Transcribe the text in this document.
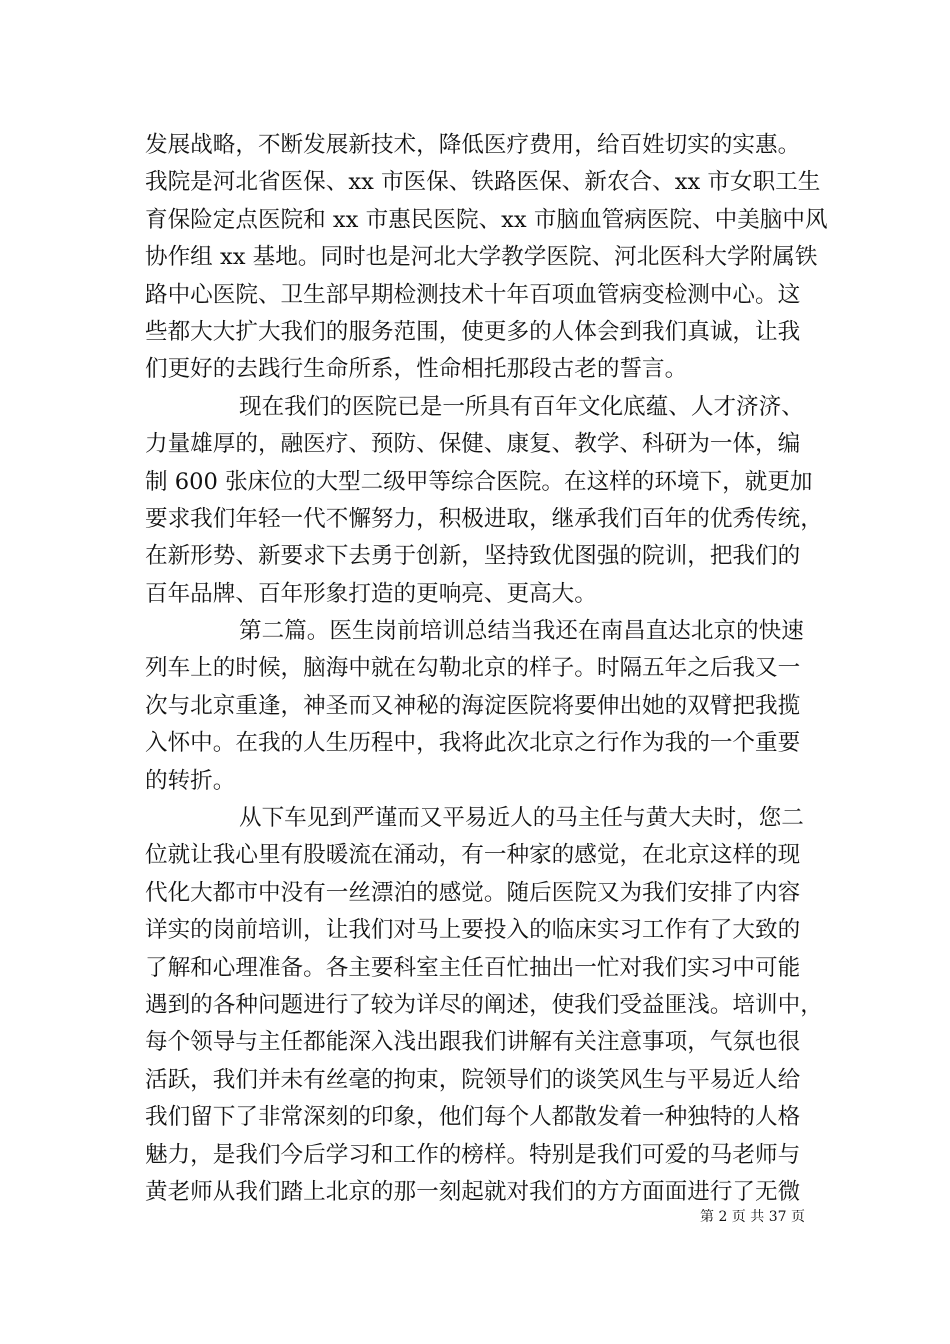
发展战略，不断发展新技术，降低医疗费用，给百姓切实的实惠。
我院是河北省医保、xx 市医保、铁路医保、新农合、xx 市女职工生
育保险定点医院和 xx 市惠民医院、xx 市脑血管病医院、中美脑中风
协作组 xx 基地。同时也是河北大学教学医院、河北医科大学附属铁
路中心医院、卫生部早期检测技术十年百项血管病变检测中心。这
些都大大扩大我们的服务范围，使更多的人体会到我们真诚，让我
们更好的去践行生命所系，性命相托那段古老的誓言。
现在我们的医院已是一所具有百年文化底蕴、人才济济、
力量雄厚的，融医疗、预防、保健、康复、教学、科研为一体，编
制 600 张床位的大型二级甲等综合医院。在这样的环境下，就更加
要求我们年轻一代不懈努力，积极进取，继承我们百年的优秀传统，
在新形势、新要求下去勇于创新，坚持致优图强的院训，把我们的
百年品牌、百年形象打造的更响亮、更高大。
第二篇。医生岗前培训总结当我还在南昌直达北京的快速
列车上的时候，脑海中就在勾勒北京的样子。时隔五年之后我又一
次与北京重逢，神圣而又神秘的海淀医院将要伸出她的双臂把我揽
入怀中。在我的人生历程中，我将此次北京之行作为我的一个重要
的转折。
从下车见到严谨而又平易近人的马主任与黄大夫时，您二
位就让我心里有股暖流在涌动，有一种家的感觉，在北京这样的现
代化大都市中没有一丝漂泊的感觉。随后医院又为我们安排了内容
详实的岗前培训，让我们对马上要投入的临床实习工作有了大致的
了解和心理准备。各主要科室主任百忙抽出一忙对我们实习中可能
遇到的各种问题进行了较为详尽的阐述，使我们受益匪浅。培训中，
每个领导与主任都能深入浅出跟我们讲解有关注意事项，气氛也很
活跃，我们并未有丝毫的拘束，院领导们的谈笑风生与平易近人给
我们留下了非常深刻的印象，他们每个人都散发着一种独特的人格
魅力，是我们今后学习和工作的榜样。特别是我们可爱的马老师与
黄老师从我们踏上北京的那一刻起就对我们的方方面面进行了无微
第 2 页 共 37 页
